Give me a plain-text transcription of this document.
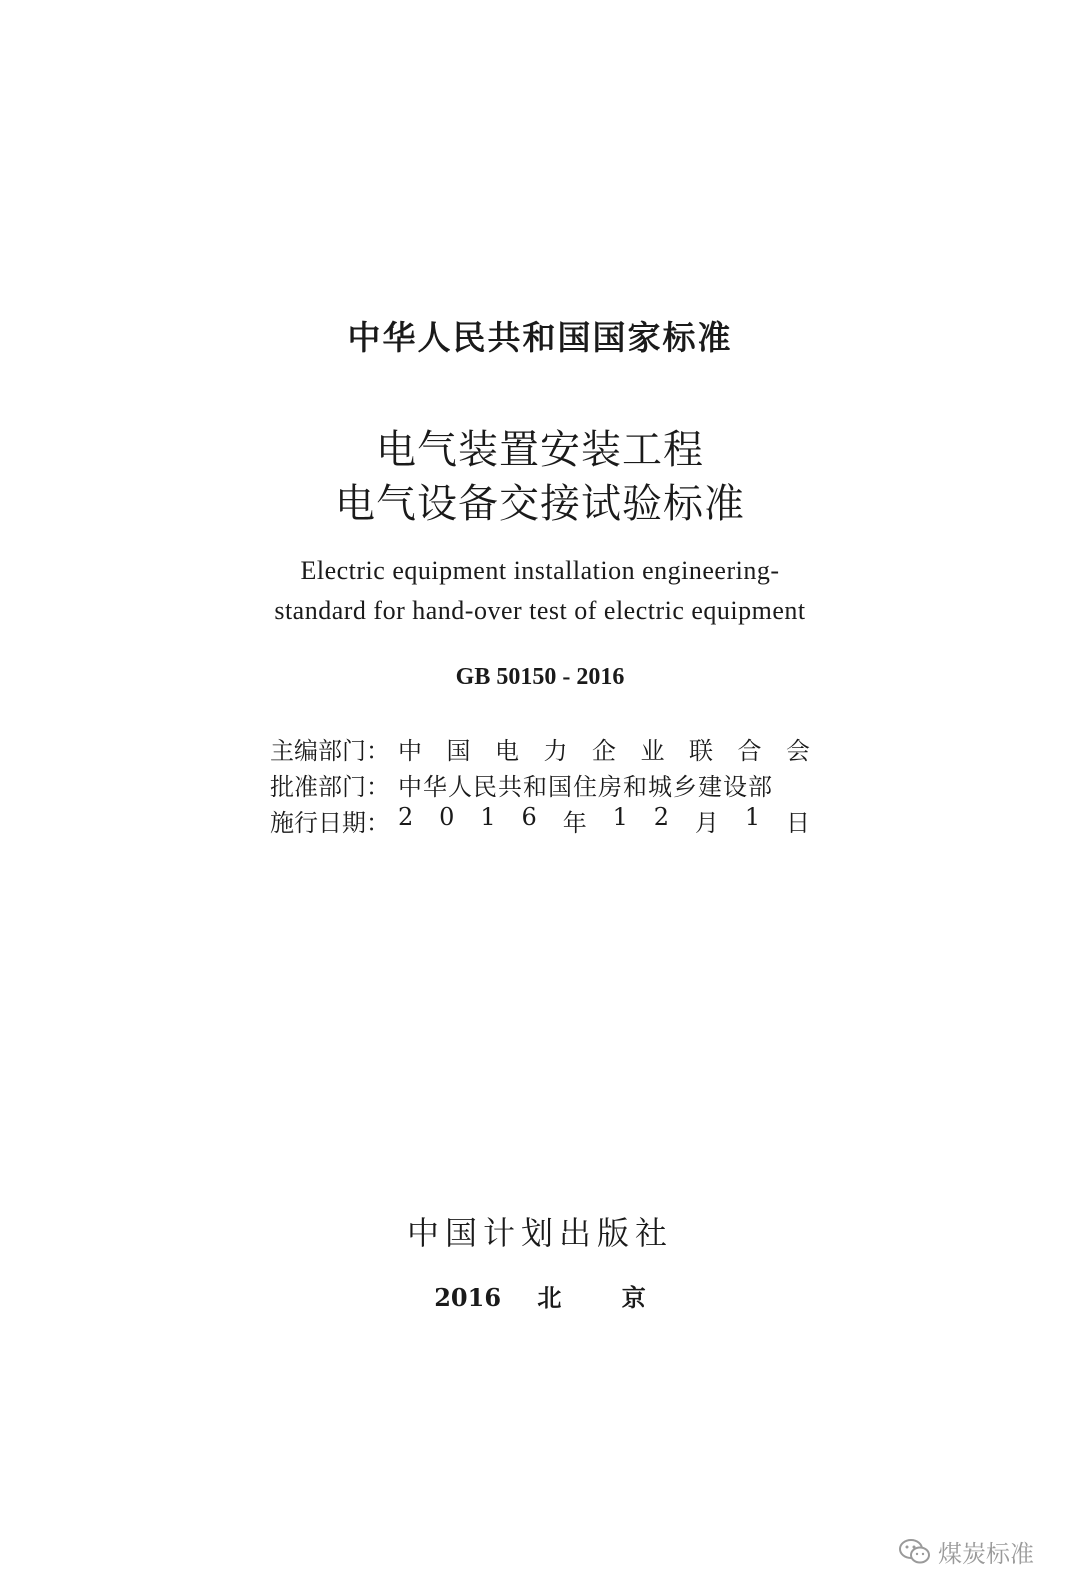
中华人民共和国国家标准
电气装置安装工程
电气设备交接试验标准
Electric equipment installation engineering-
standard for hand-over test of electric equipment
GB 50150 - 2016
主编部门： 中 国 电 力 企 业 联 合 会
批准部门： 中华人民共和国住房和城乡建设部
施行日期： 2 0 1 6 年 1 2 月 1 日
中国计划出版社
2016 北	京
煤炭标准
